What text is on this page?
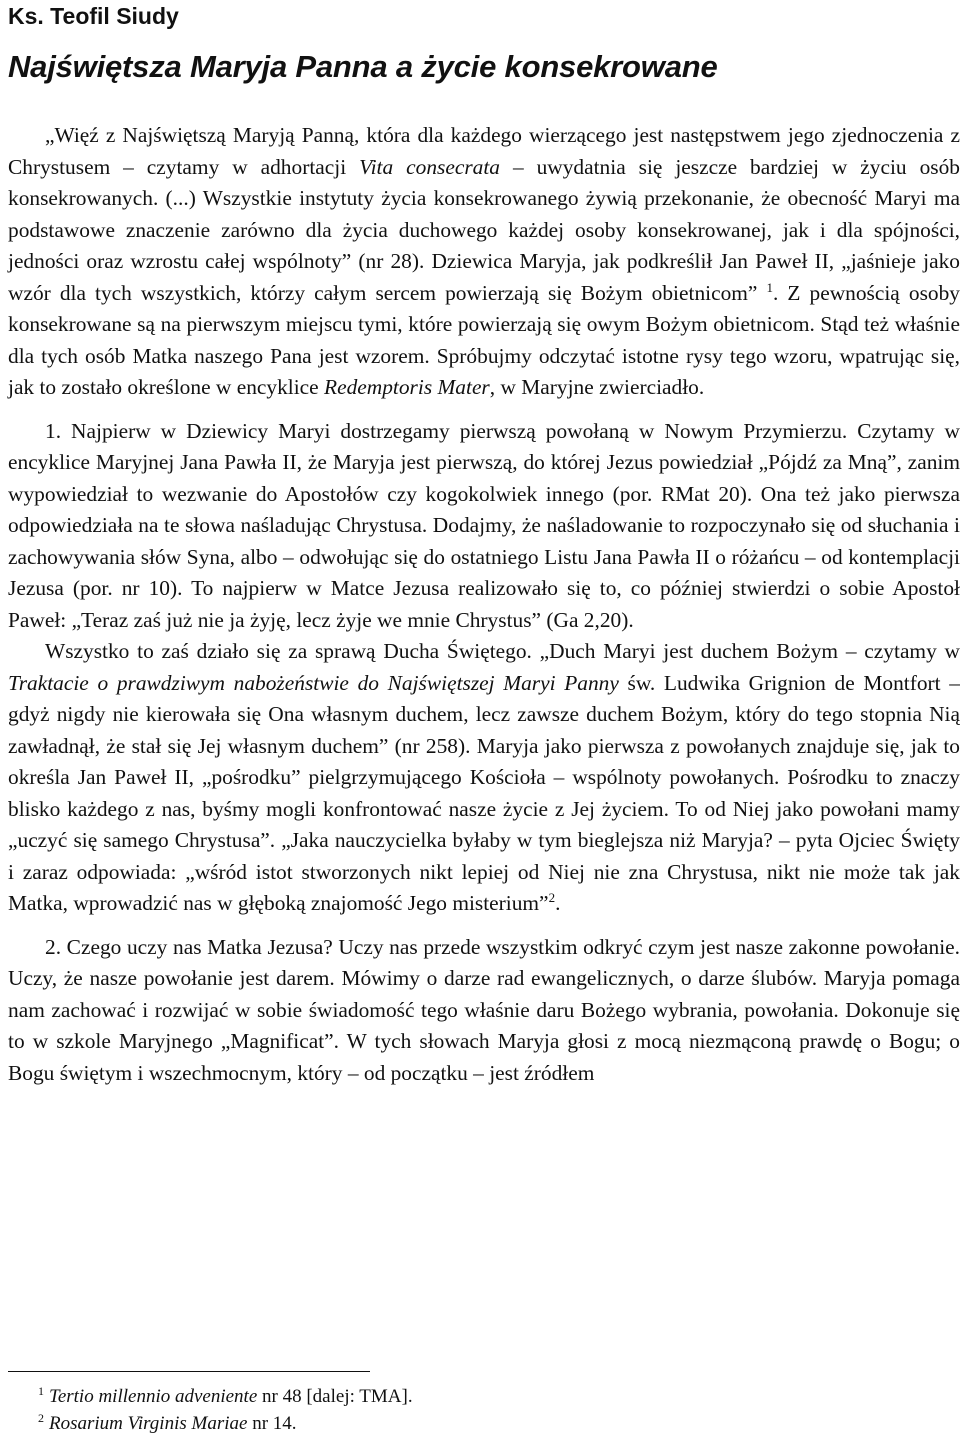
Ks. Teofil Siudy
Najświętsza Maryja Panna a życie konsekrowane

„Więź z Najświętszą Maryją Panną, która dla każdego wierzącego jest następstwem jego zjednoczenia z Chrystusem – czytamy w adhortacji Vita consecrata – uwydatnia się jeszcze bardziej w życiu osób konsekrowanych. (...) Wszystkie instytuty życia konsekrowanego żywią przekonanie, że obecność Maryi ma podstawowe znaczenie zarówno dla życia duchowego każdej osoby konsekrowanej, jak i dla spójności, jedności oraz wzrostu całej wspólnoty” (nr 28). Dziewica Maryja, jak podkreślił Jan Paweł II, „jaśnieje jako wzór dla tych wszystkich, którzy całym sercem powierzają się Bożym obietnicom” $^1$. Z pewnością osoby konsekrowane są na pierwszym miejscu tymi, które powierzają się owym Bożym obietnicom. Stąd też właśnie dla tych osób Matka naszego Pana jest wzorem. Spróbujmy odczytać istotne rysy tego wzoru, wpatrując się, jak to zostało określone w encyklice Redemptoris Mater, w Maryjne zwierciadło.

1. Najpierw w Dziewicy Maryi dostrzegamy pierwszą powołaną w Nowym Przymierzu. Czytamy w encyklice Maryjnej Jana Pawła II, że Maryja jest pierwszą, do której Jezus powiedział „Pójdź za Mną”, zanim wypowiedział to wezwanie do Apostołów czy kogokolwiek innego (por. RMat 20). Ona też jako pierwsza odpowiedziała na te słowa naśladując Chrystusa. Dodajmy, że naśladowanie to rozpoczynało się od słuchania i zachowywania słów Syna, albo – odwołując się do ostatniego Listu Jana Pawła II o różańcu – od kontemplacji Jezusa (por. nr 10). To najpierw w Matce Jezusa realizowało się to, co później stwierdzi o sobie Apostoł Paweł: „Teraz zaś już nie ja żyję, lecz żyje we mnie Chrystus” (Ga 2,20).

Wszystko to zaś działo się za sprawą Ducha Świętego. „Duch Maryi jest duchem Bożym – czytamy w Traktacie o prawdziwym nabożeństwie do Najświętszej Maryi Panny św. Ludwika Grignion de Montfort – gdyż nigdy nie kierowała się Ona własnym duchem, lecz zawsze duchem Bożym, który do tego stopnia Nią zawładnął, że stał się Jej własnym duchem” (nr 258). Maryja jako pierwsza z powołanych znajduje się, jak to określa Jan Paweł II, „pośrodku” pielgrzymującego Kościoła – wspólnoty powołanych. Pośrodku to znaczy blisko każdego z nas, byśmy mogli konfrontować nasze życie z Jej życiem. To od Niej jako powołani mamy „uczyć się samego Chrystusa”. „Jaka nauczycielka byłaby w tym bieglejsza niż Maryja? – pyta Ojciec Święty i zaraz odpowiada: „wśród istot stworzonych nikt lepiej od Niej nie zna Chrystusa, nikt nie może tak jak Matka, wprowadzić nas w głęboką znajomość Jego misterium”$^2$.

2. Czego uczy nas Matka Jezusa? Uczy nas przede wszystkim odkryć czym jest nasze zakonne powołanie. Uczy, że nasze powołanie jest darem. Mówimy o darze rad ewangelicznych, o darze ślubów. Maryja pomaga nam zachować i rozwijać w sobie świadomość tego właśnie daru Bożego wybrania, powołania. Dokonuje się to w szkole Maryjnego „Magnificat”. W tych słowach Maryja głosi z mocą niezmąconą prawdę o Bogu; o Bogu świętym i wszechmocnym, który – od początku – jest źródłem

$^1$ Tertio millennio adveniente nr 48 [dalej: TMA].
$^2$ Rosarium Virginis Mariae nr 14.
